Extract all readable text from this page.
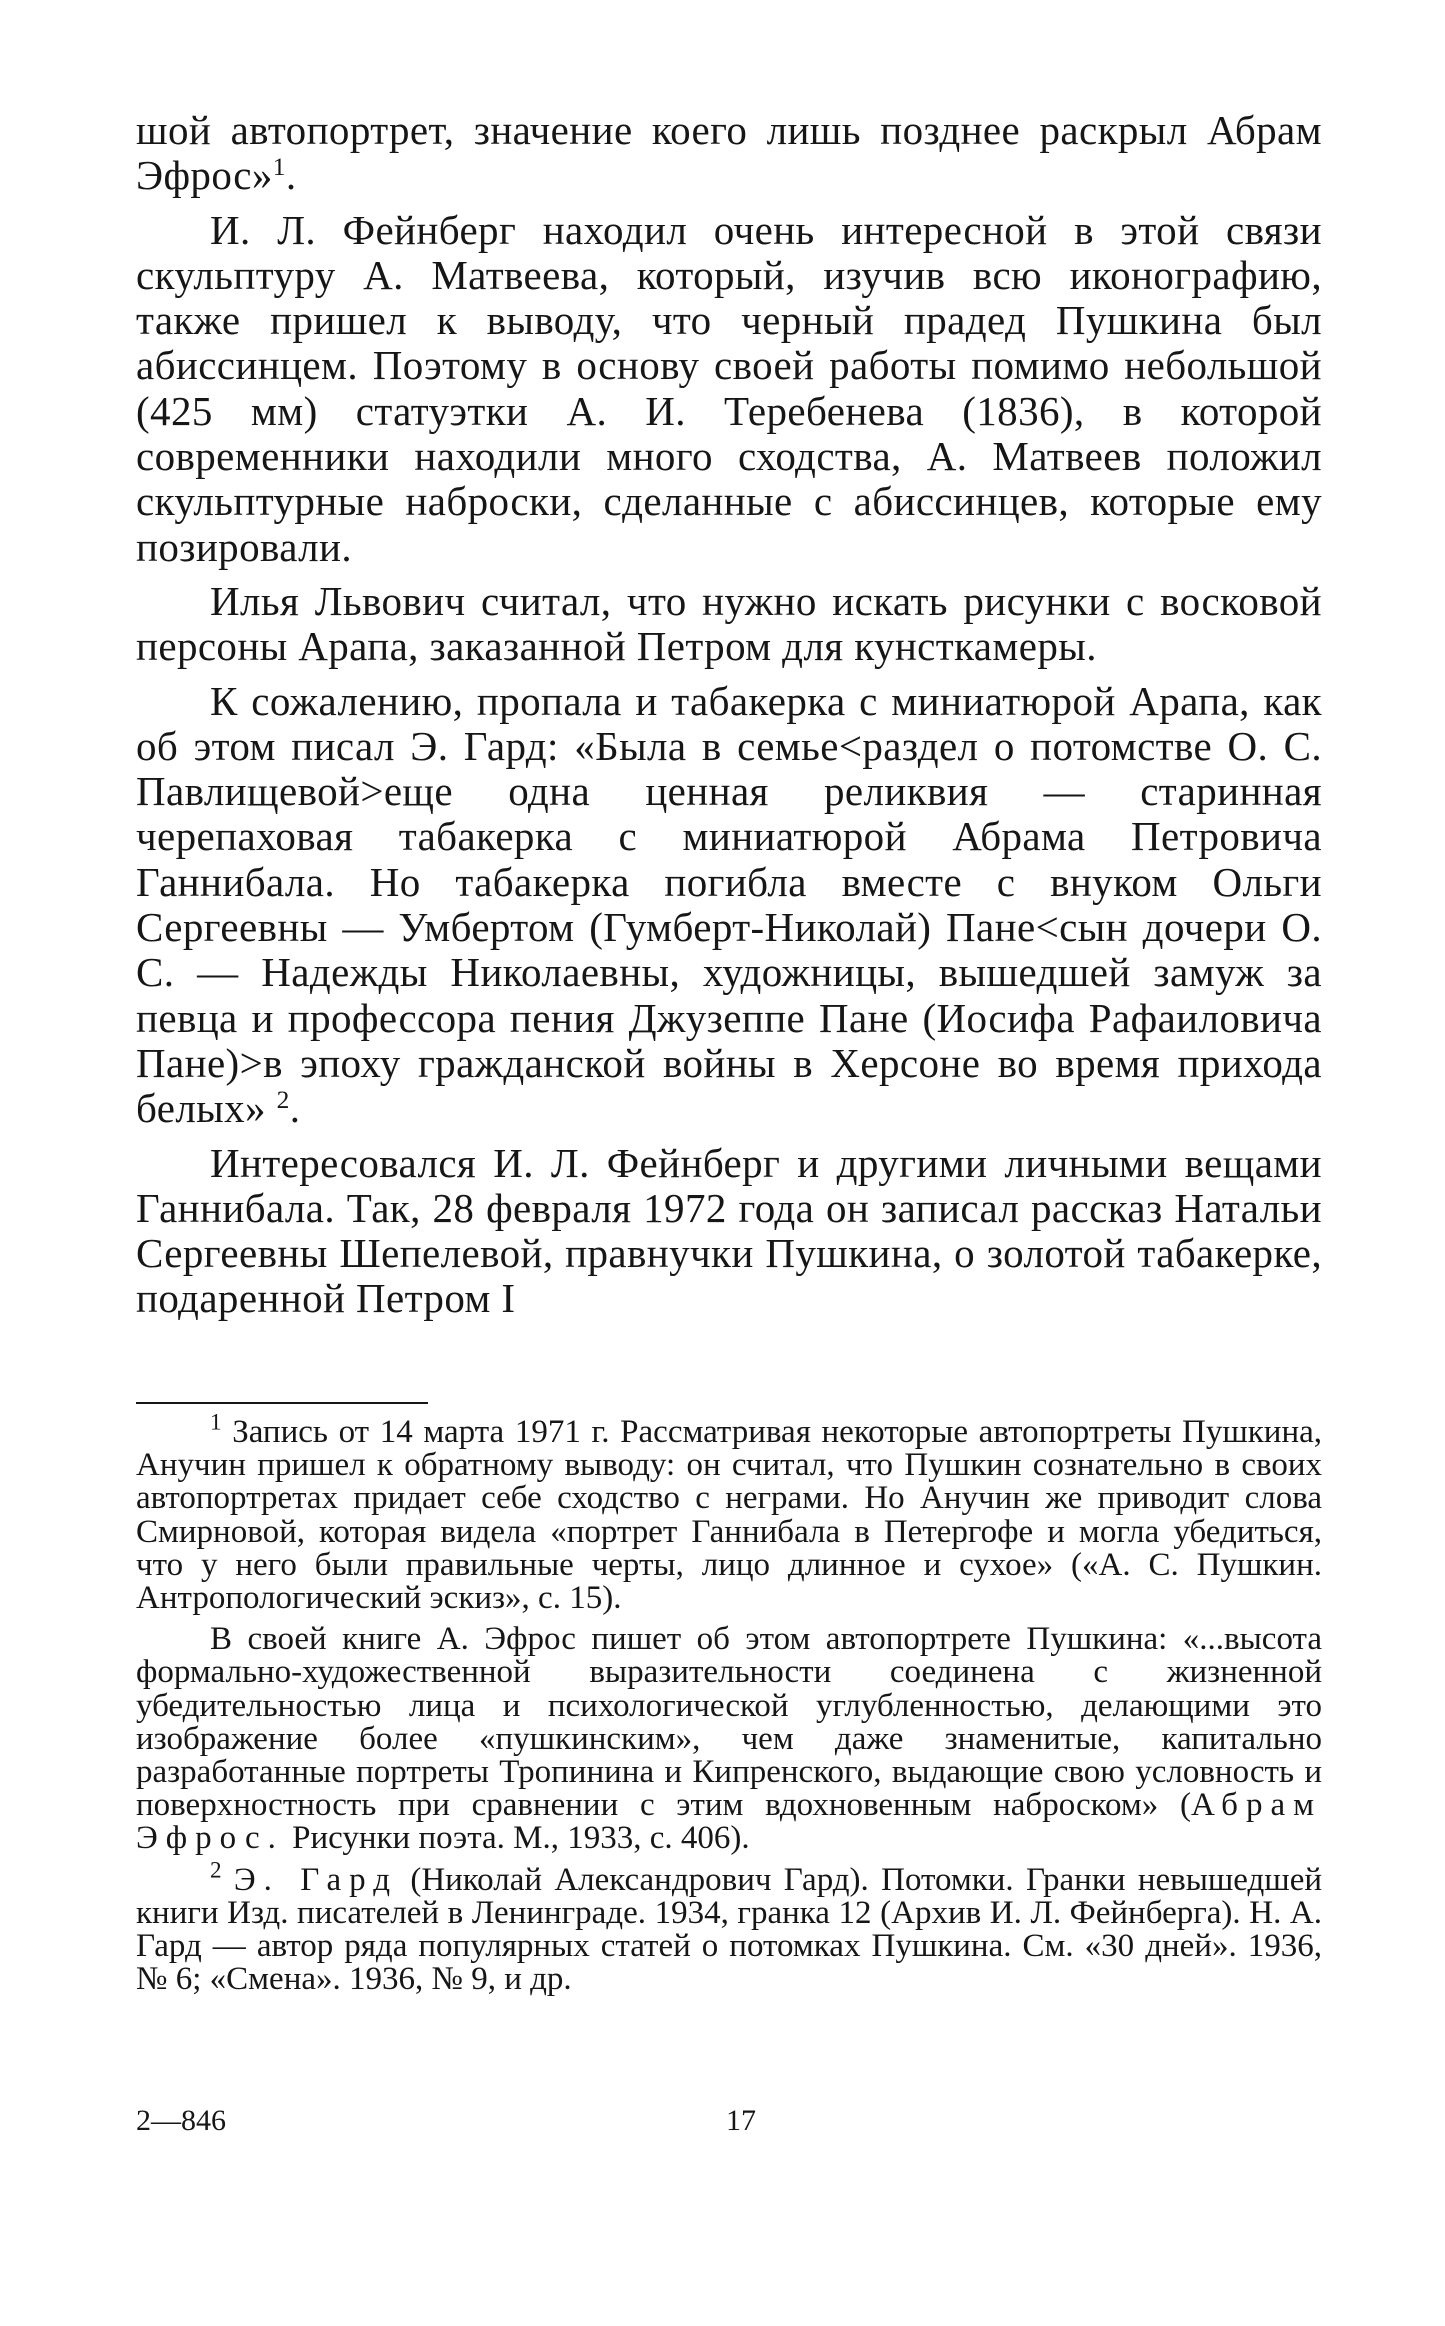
шой автопортрет, значение коего лишь позднее раскрыл Абрам Эфрос»$^1$.

И. Л. Фейнберг находил очень интересной в этой связи скульптуру А. Матвеева, который, изучив всю иконографию, также пришел к выводу, что черный прадед Пушкина был абиссинцем. Поэтому в основу своей работы помимо небольшой (425 мм) статуэтки А. И. Теребенева (1836), в которой современники находили много сходства, А. Матвеев положил скульптурные наброски, сделанные с абиссинцев, которые ему позировали.

Илья Львович считал, что нужно искать рисунки с восковой персоны Арапа, заказанной Петром для кунсткамеры.

К сожалению, пропала и табакерка с миниатюрой Арапа, как об этом писал Э. Гард: «Была в семье<раздел о потомстве О. С. Павлищевой>еще одна ценная реликвия — старинная черепаховая табакерка с миниатюрой Абрама Петровича Ганнибала. Но табакерка погибла вместе с внуком Ольги Сергеевны — Умбертом (Гумберт-Николай) Пане<сын дочери О. С. — Надежды Николаевны, художницы, вышедшей замуж за певца и профессора пения Джузеппе Пане (Иосифа Рафаиловича Пане)>в эпоху гражданской войны в Херсоне во время прихода белых» $^2$.

Интересовался И. Л. Фейнберг и другими личными вещами Ганнибала. Так, 28 февраля 1972 года он записал рассказ Натальи Сергеевны Шепелевой, правнучки Пушкина, о золотой табакерке, подаренной Петром I

$^1$ Запись от 14 марта 1971 г. Рассматривая некоторые автопортреты Пушкина, Анучин пришел к обратному выводу: он считал, что Пушкин сознательно в своих автопортретах придает себе сходство с неграми. Но Анучин же приводит слова Смирновой, которая видела «портрет Ганнибала в Петергофе и могла убедиться, что у него были правильные черты, лицо длинное и сухое» («А. С. Пушкин. Антропологический эскиз», с. 15).

В своей книге А. Эфрос пишет об этом автопортрете Пушкина: «...высота формально-художественной выразительности соединена с жизненной убедительностью лица и психологической углубленностью, делающими это изображение более «пушкинским», чем даже знаменитые, капитально разработанные портреты Тропинина и Кипренского, выдающие свою условность и поверхностность при сравнении с этим вдохновенным наброском» (Абрам Эфрос. Рисунки поэта. М., 1933, с. 406).

$^2$ Э. Гард (Николай Александрович Гард). Потомки. Гранки невышедшей книги Изд. писателей в Ленинграде. 1934, гранка 12 (Архив И. Л. Фейнберга). Н. А. Гард — автор ряда популярных статей о потомках Пушкина. См. «30 дней». 1936, № 6; «Смена». 1936, № 9, и др.

2—846	17
